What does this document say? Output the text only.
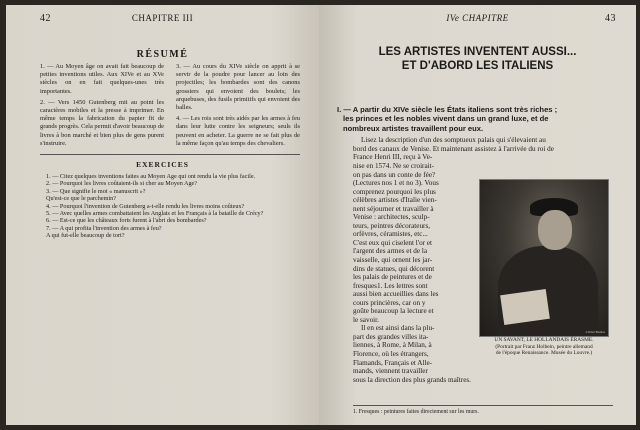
42	CHAPITRE III
RÉSUMÉ

1. — Au Moyen âge on avait fait beaucoup de petites inventions utiles. Aux XIVe et au XVe siècles on en fait quelques-unes très importantes.

2. — Vers 1450 Gutenberg mit au point les caractères mobiles et la presse à imprimer. En même temps la fabrication du papier fit de grands progrès. Cela permit d'avoir beaucoup de livres à bon marché et bien plus de gens purent s'instruire.

3. — Au cours du XIVe siècle on apprit à se servir de la poudre pour lancer au loin des projectiles; les bombardes sont des canons grossiers qui envoient des boulets; les arquebuses, des fusils primitifs qui envoient des balles.

4. — Les rois sont très aidés par les armes à feu dans leur lutte contre les seigneurs; seuls ils peuvent en acheter. La guerre ne se fait plus de la même façon qu'au temps des chevaliers.

EXERCICES
1. — Citez quelques inventions faites au Moyen Age qui ont rendu la vie plus facile.
2. — Pourquoi les livres coûtaient-ils si cher au Moyen Age?
3. — Que signifie le mot « manuscrit »?
Qu'est-ce que le parchemin?
4. — Pourquoi l'invention de Gutenberg a-t-elle rendu les livres moins coûteux?
5. — Avec quelles armes combattaient les Anglais et les Français à la bataille de Crécy?
6. — Est-ce que les châteaux forts furent à l'abri des bombardes?
7. — A qui profita l'invention des armes à feu?
A qui fut-elle beaucoup de tort?
IVe CHAPITRE	43
LES ARTISTES INVENTENT AUSSI...
ET D'ABORD LES ITALIENS
I. — A partir du XIVe siècle les États italiens sont très riches ;
les princes et les nobles vivent dans un grand luxe, et de
nombreux artistes travaillent pour eux.
Lisez la description d'un des somptueux palais qui s'élevaient au
bord des canaux de Venise. Et maintenant assistez à l'arrivée du roi de
France Henri III, reçu à Ve-
nise en 1574. Ne se croirait-
on pas dans un conte de fée?
(Lectures nos 1 et no 3). Vous
comprenez pourquoi les plus
célèbres artistes d'Italie vien-
nent séjourner et travailler à
Venise : architectes, sculp-
teurs, peintres décorateurs,
orfèvres, céramistes, etc...
C'est eux qui ciselent l'or et
l'argent des armes et de la
vaisselle, qui ornent les jar-
dins de statues, qui décorent
les palais de peintures et de
fresques1. Les lettres sont
aussi bien accueillies dans les
cours princières, car on y
goûte beaucoup la lecture et
le savoir.
Il en est ainsi dans la plu-
part des grandes villes ita-
liennes, à Rome, à Milan, à
Florence, où les étrangers,
Flamands, Français et Alle-
mands, viennent travailler
sous la direction des plus grands maîtres.
Cliché Bulloz
UN SAVANT, LE HOLLANDAIS ÉRASME.
(Portrait par Franz Holbein, peintre allemand
de l'époque Renaissance. Musée du Louvre.)
1. Fresques : peintures faites directement sur les murs.
